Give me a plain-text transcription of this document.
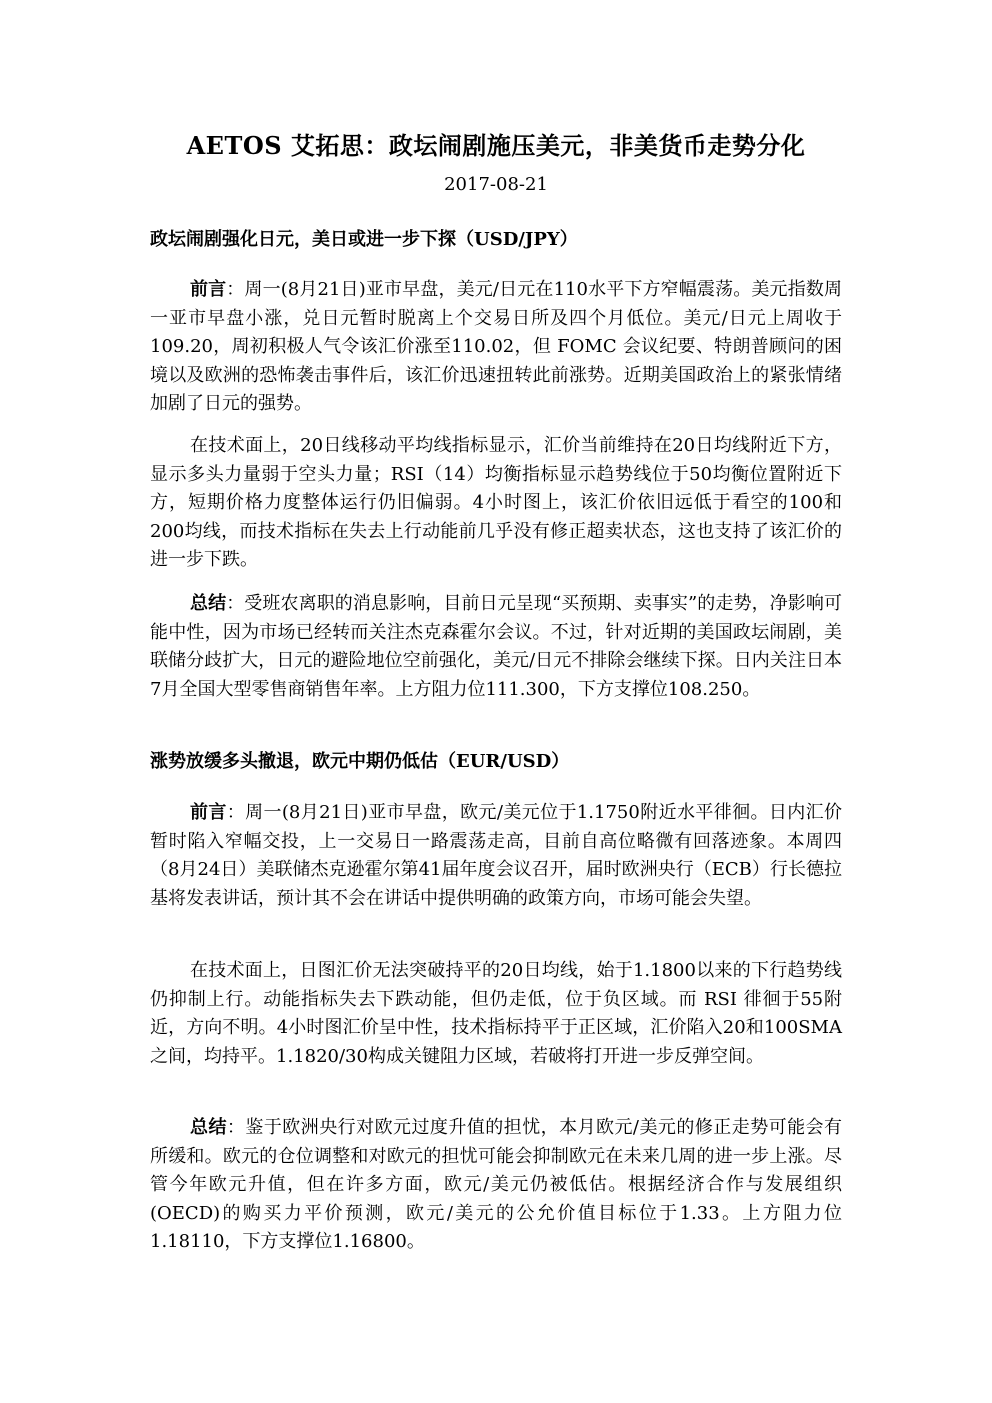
AETOS 艾拓思：政坛闹剧施压美元，非美货币走势分化
2017-08-21
政坛闹剧强化日元，美日或进一步下探（USD/JPY）

前言：周一(8月21日)亚市早盘，美元/日元在110水平下方窄幅震荡。美元指数周一亚市早盘小涨，兑日元暂时脱离上个交易日所及四个月低位。美元/日元上周收于109.20，周初积极人气令该汇价涨至110.02，但 FOMC 会议纪要、特朗普顾问的困境以及欧洲的恐怖袭击事件后，该汇价迅速扭转此前涨势。近期美国政治上的紧张情绪加剧了日元的强势。

在技术面上，20日线移动平均线指标显示，汇价当前维持在20日均线附近下方，显示多头力量弱于空头力量；RSI（14）均衡指标显示趋势线位于50均衡位置附近下方，短期价格力度整体运行仍旧偏弱。4小时图上，该汇价依旧远低于看空的100和200均线，而技术指标在失去上行动能前几乎没有修正超卖状态，这也支持了该汇价的进一步下跌。

总结：受班农离职的消息影响，目前日元呈现“买预期、卖事实”的走势，净影响可能中性，因为市场已经转而关注杰克森霍尔会议。不过，针对近期的美国政坛闹剧，美联储分歧扩大，日元的避险地位空前强化，美元/日元不排除会继续下探。日内关注日本7月全国大型零售商销售年率。上方阻力位111.300，下方支撑位108.250。

涨势放缓多头撤退，欧元中期仍低估（EUR/USD）

前言：周一(8月21日)亚市早盘，欧元/美元位于1.1750附近水平徘徊。日内汇价暂时陷入窄幅交投，上一交易日一路震荡走高，目前自高位略微有回落迹象。本周四（8月24日）美联储杰克逊霍尔第41届年度会议召开，届时欧洲央行（ECB）行长德拉基将发表讲话，预计其不会在讲话中提供明确的政策方向，市场可能会失望。

在技术面上，日图汇价无法突破持平的20日均线，始于1.1800以来的下行趋势线仍抑制上行。动能指标失去下跌动能，但仍走低，位于负区域。而 RSI 徘徊于55附近，方向不明。4小时图汇价呈中性，技术指标持平于正区域，汇价陷入20和100SMA 之间，均持平。1.1820/30构成关键阻力区域，若破将打开进一步反弹空间。

总结：鉴于欧洲央行对欧元过度升值的担忧，本月欧元/美元的修正走势可能会有所缓和。欧元的仓位调整和对欧元的担忧可能会抑制欧元在未来几周的进一步上涨。尽管今年欧元升值，但在许多方面，欧元/美元仍被低估。根据经济合作与发展组织(OECD)的购买力平价预测，欧元/美元的公允价值目标位于1.33。上方阻力位1.18110，下方支撑位1.16800。
